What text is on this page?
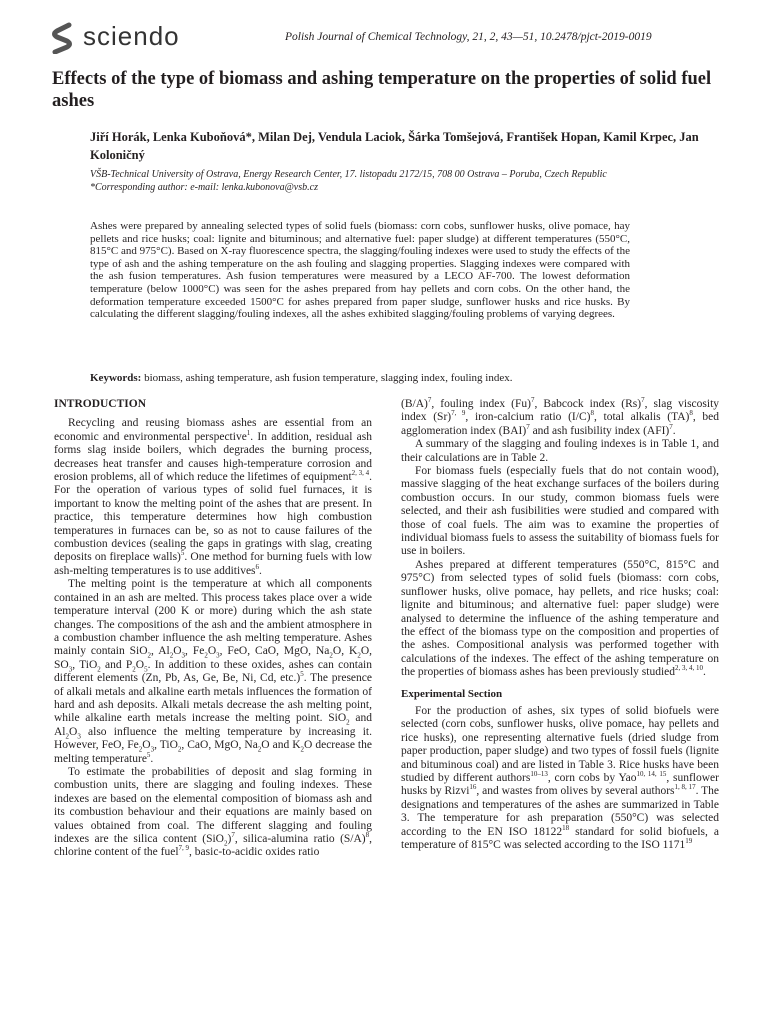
sciendo	Polish Journal of Chemical Technology, 21, 2, 43—51, 10.2478/pjct-2019-0019
Effects of the type of biomass and ashing temperature on the properties of solid fuel ashes
Jiří Horák, Lenka Kuboňová*, Milan Dej, Vendula Laciok, Šárka Tomšejová, František Hopan, Kamil Krpec, Jan Koloničný
VŠB-Technical University of Ostrava, Energy Research Center, 17. listopadu 2172/15, 708 00 Ostrava – Poruba, Czech Republic
*Corresponding author: e-mail: lenka.kubonova@vsb.cz
Ashes were prepared by annealing selected types of solid fuels (biomass: corn cobs, sunflower husks, olive pomace, hay pellets and rice husks; coal: lignite and bituminous; and alternative fuel: paper sludge) at different temperatures (550°C, 815°C and 975°C). Based on X-ray fluorescence spectra, the slagging/fouling indexes were used to study the effects of the type of ash and the ashing temperature on the ash fouling and slagging properties. Slagging indexes were compared with the ash fusion temperatures. Ash fusion temperatures were measured by a LECO AF-700. The lowest deformation temperature (below 1000°C) was seen for the ashes prepared from hay pellets and corn cobs. On the other hand, the deformation temperature exceeded 1500°C for ashes prepared from paper sludge, sunflower husks and rice husks. By calculating the different slagging/fouling indexes, all the ashes exhibited slagging/fouling problems of varying degrees.
Keywords: biomass, ashing temperature, ash fusion temperature, slagging index, fouling index.
INTRODUCTION

Recycling and reusing biomass ashes are essential from an economic and environmental perspective$^1$. In addition, residual ash forms slag inside boilers, which degrades the burning process, decreases heat transfer and causes high-temperature corrosion and erosion problems, all of which reduce the lifetimes of equipment$^{2, 3, 4}$. For the operation of various types of solid fuel furnaces, it is important to know the melting point of the ashes that are present. In practice, this temperature determines how high combustion temperatures in furnaces can be, so as not to cause failures of the combustion devices (sealing the gaps in gratings with slag, creating deposits on fireplace walls)$^5$. One method for burning fuels with low ash-melting temperatures is to use additives$^6$.

The melting point is the temperature at which all components contained in an ash are melted. This process takes place over a wide temperature interval (200 K or more) during which the ash state changes. The compositions of the ash and the ambient atmosphere in a combustion chamber influence the ash melting temperature. Ashes mainly contain SiO$_2$, $Al_2O_3$, $Fe_2O_3$, FeO, CaO, MgO, $Na_2O$, $K_2O$, $SO_3$, TiO$_2$ and $P_2O_5$. In addition to these oxides, ashes can contain different elements (Zn, Pb, As, Ge, Be, Ni, Cd, etc.)$^5$. The presence of alkali metals and alkaline earth metals influences the formation of hard and ash deposits. Alkali metals decrease the ash melting point, while alkaline earth metals increase the melting point. SiO$_2$ and $Al_2O_3$ also influence the melting temperature by increasing it. However, FeO, $Fe_2O_3$, TiO$_2$, CaO, MgO, $Na_2O$ and $K_2O$ decrease the melting temperature$^5$.

To estimate the probabilities of deposit and slag forming in combustion units, there are slagging and fouling indexes. These indexes are based on the elemental composition of biomass ash and its combustion behaviour and their equations are mainly based on values obtained from coal. The different slagging and fouling indexes are the silica content $(SiO_2)^7$, silica-alumina ratio $(S/A)^8$, chlorine content of the fuel$^{7, 9}$, basic-to-acidic oxides ratio

$(B/A)^7$, fouling index $(Fu)^7$, Babcock index $(Rs)^7$, slag viscosity index $(Sr)^{7, 9}$, iron-calcium ratio $(I/C)^8$, total alkalis (TA)$^8$, bed agglomeration index (BAI)$^7$ and ash fusibility index (AFI)$^7$.

A summary of the slagging and fouling indexes is in Table 1, and their calculations are in Table 2.

For biomass fuels (especially fuels that do not contain wood), massive slagging of the heat exchange surfaces of the boilers during combustion occurs. In our study, common biomass fuels were selected, and their ash fusibilities were studied and compared with those of coal fuels. The aim was to examine the properties of individual biomass fuels to assess the suitability of biomass fuels for use in boilers.

Ashes prepared at different temperatures (550°C, 815°C and 975°C) from selected types of solid fuels (biomass: corn cobs, sunflower husks, olive pomace, hay pellets, and rice husks; coal: lignite and bituminous; and alternative fuel: paper sludge) were analysed to determine the influence of the ashing temperature and the effect of the biomass type on the composition and properties of the ashes. Compositional analysis was performed together with calculations of the indexes. The effect of the ashing temperature on the properties of biomass ashes has been previously studied$^{2, 3, 4, 10}$.

Experimental Section

For the production of ashes, six types of solid biofuels were selected (corn cobs, sunflower husks, olive pomace, hay pellets and rice husks), one representing alternative fuels (dried sludge from paper production, paper sludge) and two types of fossil fuels (lignite and bituminous coal) and are listed in Table 3. Rice husks have been studied by different authors$^{10-13}$, corn cobs by Yao$^{10, 14, 15}$, sunflower husks by Rizvi$^{16}$, and wastes from olives by several authors$^{1, 8, 17}$. The designations and temperatures of the ashes are summarized in Table 3. The temperature for ash preparation (550°C) was selected according to the EN ISO 18122$^{18}$ standard for solid biofuels, a temperature of 815°C was selected according to the ISO 1171$^{19}$
